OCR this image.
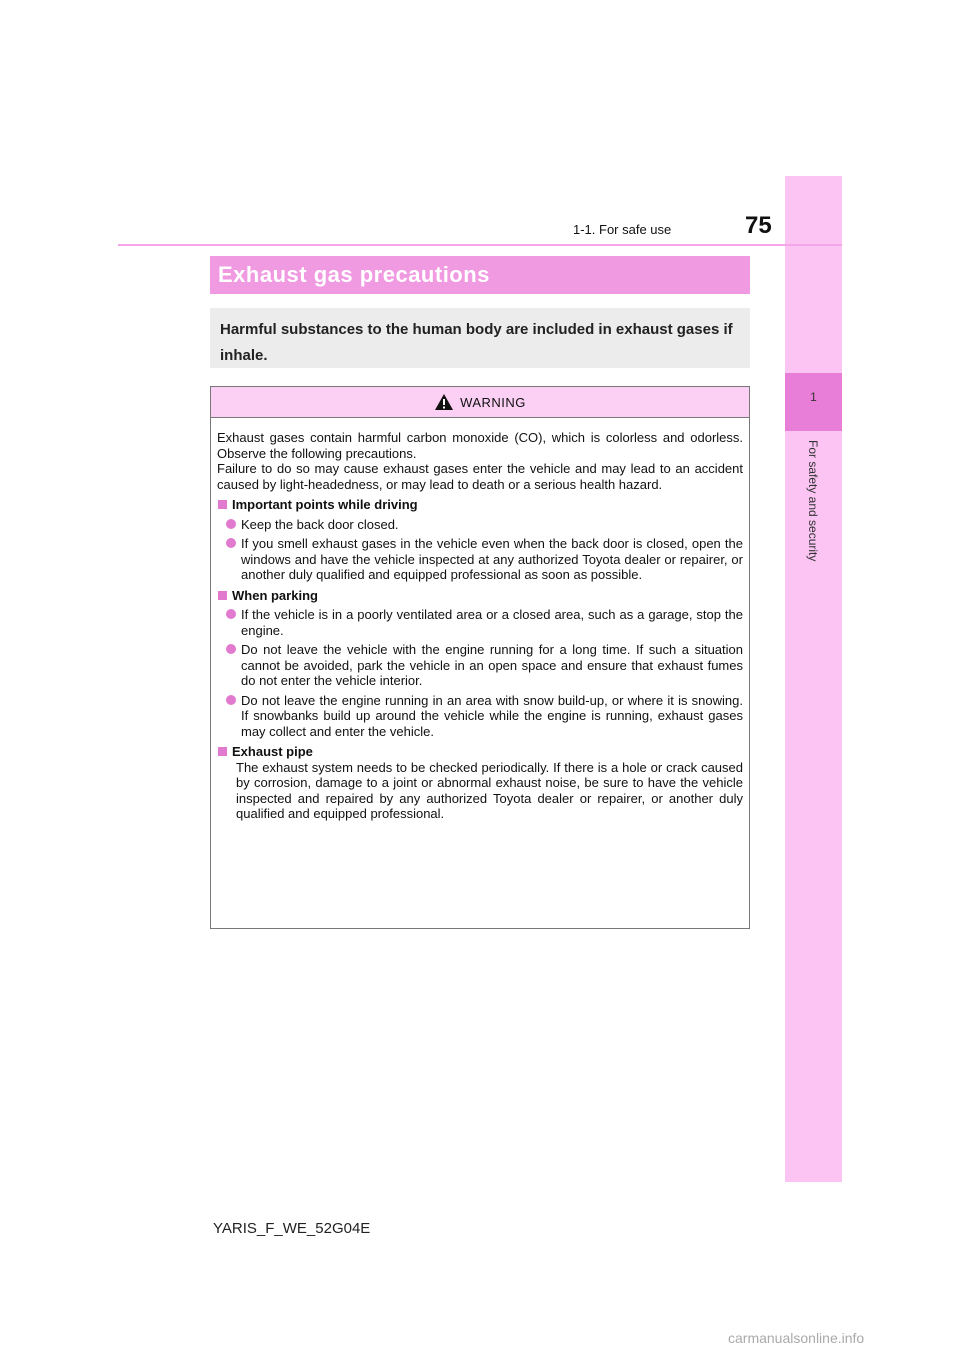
1
For safety and security
1-1. For safe use	75
Exhaust gas precautions
Harmful substances to the human body are included in exhaust gases if inhale.
WARNING

Exhaust gases contain harmful carbon monoxide (CO), which is colorless and odorless. Observe the following precautions.

Failure to do so may cause exhaust gases enter the vehicle and may lead to an accident caused by light-headedness, or may lead to death or a serious health hazard.

Important points while driving
Keep the back door closed.
If you smell exhaust gases in the vehicle even when the back door is closed, open the windows and have the vehicle inspected at any authorized Toyota dealer or repairer, or another duly qualified and equipped professional as soon as possible.
When parking
If the vehicle is in a poorly ventilated area or a closed area, such as a garage, stop the engine.
Do not leave the vehicle with the engine running for a long time. If such a situation cannot be avoided, park the vehicle in an open space and ensure that exhaust fumes do not enter the vehicle interior.
Do not leave the engine running in an area with snow build-up, or where it is snowing. If snowbanks build up around the vehicle while the engine is running, exhaust gases may collect and enter the vehicle.
Exhaust pipe

The exhaust system needs to be checked periodically. If there is a hole or crack caused by corrosion, damage to a joint or abnormal exhaust noise, be sure to have the vehicle inspected and repaired by any authorized Toyota dealer or repairer, or another duly qualified and equipped professional.

YARIS_F_WE_52G04E
carmanualsonline.info
